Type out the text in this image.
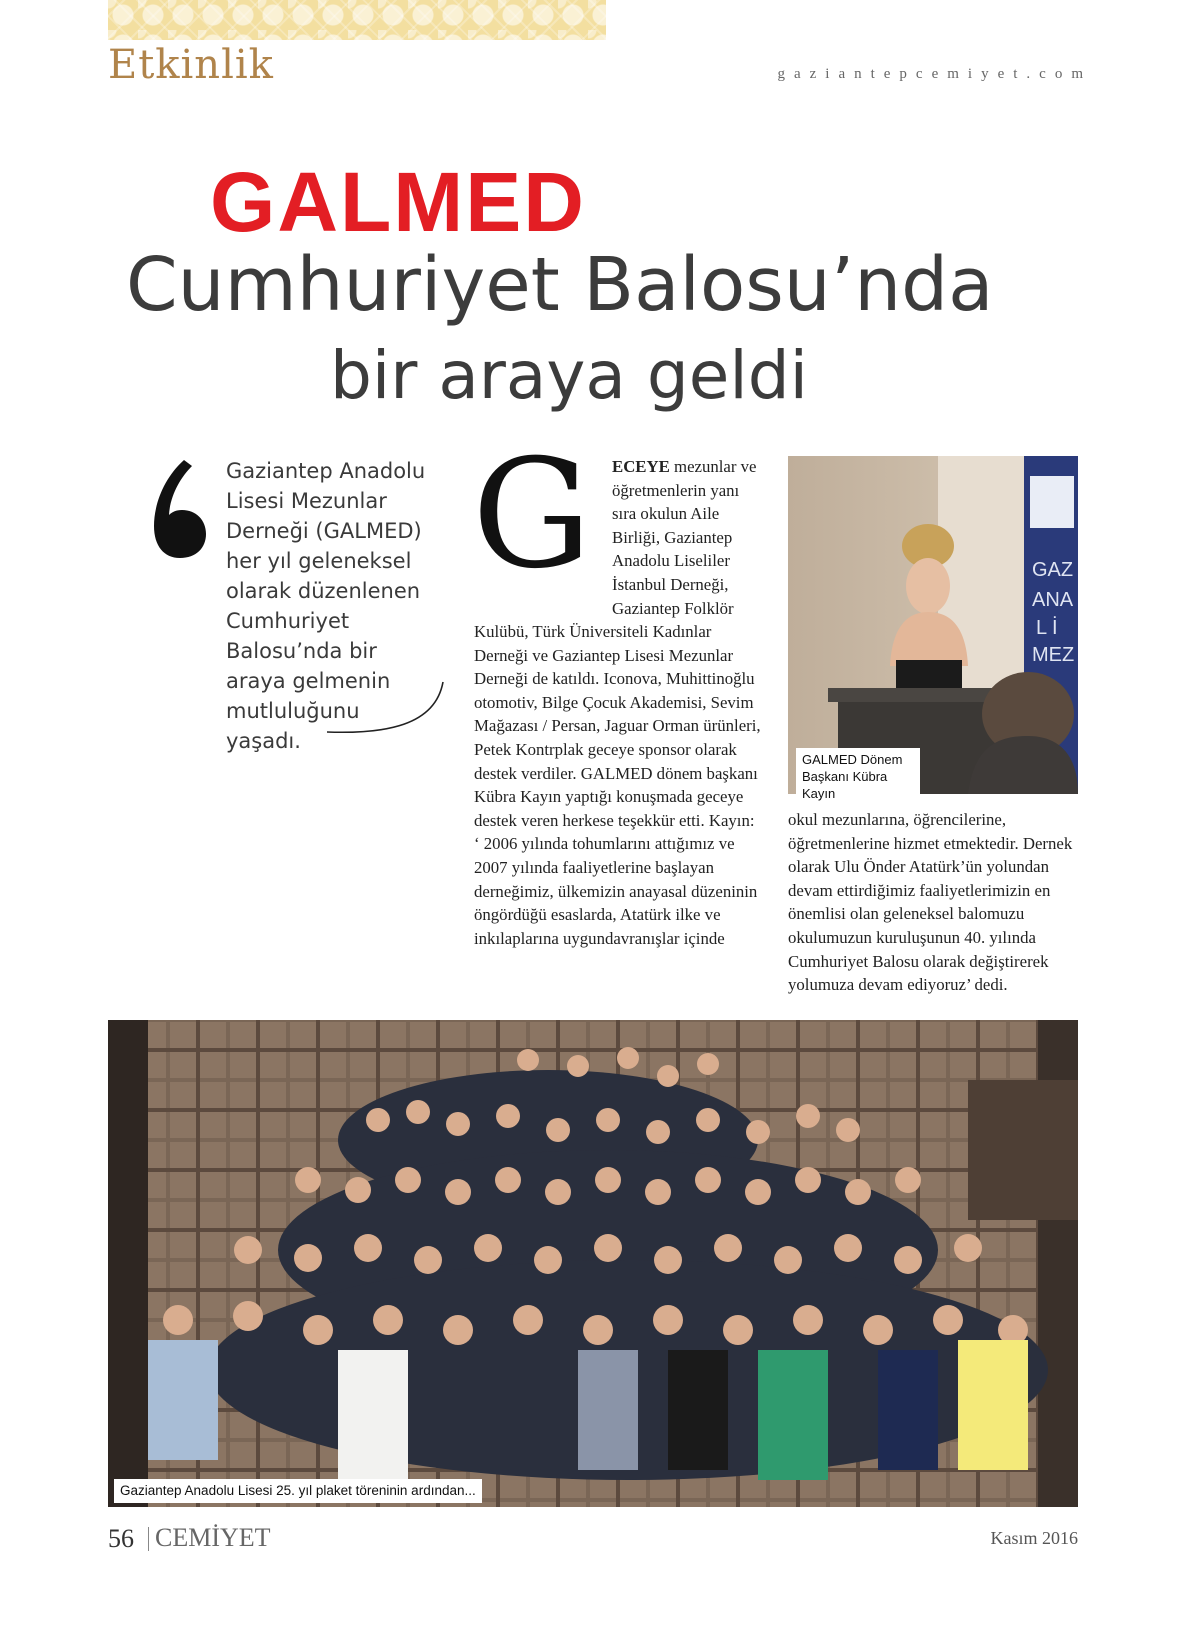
Etkinlik	gaziantepcemiyet.com
GALMED
Cumhuriyet Balosu’nda
bir araya geldi
Gaziantep Anadolu Lisesi Mezunlar Derneği (GALMED) her yıl geleneksel olarak düzenlenen Cumhuriyet Balosu’nda bir araya gelmenin mutluluğunu yaşadı.
G ECEYE mezunlar ve öğretmenlerin yanı sıra okulun Aile Birliği, Gaziantep Anadolu Liseliler İstanbul Derneği, Gaziantep Folklör

Kulübü, Türk Üniversiteli Kadınlar Derneği ve Gaziantep Lisesi Mezunlar Derneği de katıldı. Iconova, Muhittinoğlu otomotiv, Bilge Çocuk Akademisi, Sevim Mağazası / Persan, Jaguar Orman ürünleri, Petek Kontrplak geceye sponsor olarak destek verdiler. GALMED dönem başkanı Kübra Kayın yaptığı konuşmada geceye destek veren herkese teşekkür etti. Kayın: ‘ 2006 yılında tohumlarını attığımız ve 2007 yılında faaliyetlerine başlayan derneğimiz, ülkemizin anayasal düzeninin öngördüğü esaslarda, Atatürk ilke ve inkılaplarına uygundavranışlar içinde

okul mezunlarına, öğrencilerine, öğretmenlerine hizmet etmektedir. Dernek olarak Ulu Önder Atatürk’ün yolundan devam ettirdiğimiz faaliyetlerimizin en önemlisi olan geleneksel balomuzu okulumuzun kuruluşunun 40. yılında Cumhuriyet Balosu olarak değiştirerek yolumuza devam ediyoruz’ dedi.

GAZ
ANA
L İ
MEZ
GALMED Dönem Başkanı Kübra Kayın
Gaziantep Anadolu Lisesi 25. yıl plaket töreninin ardından...
56 CEMİYET	Kasım 2016
